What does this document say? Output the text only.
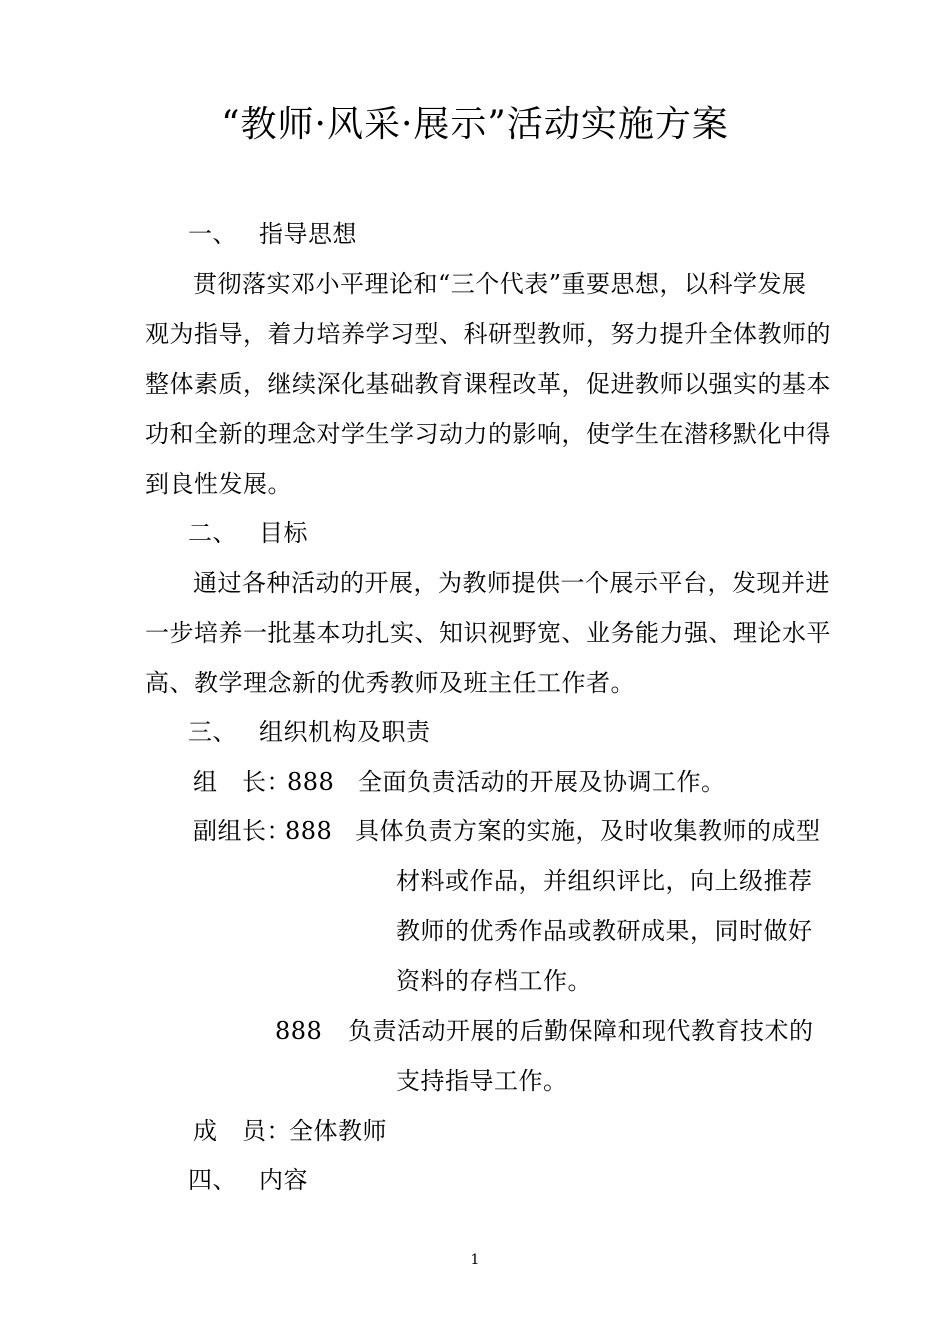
“教师·风采·展示”活动实施方案
一、 指导思想
贯彻落实邓小平理论和“三个代表”重要思想，以科学发展
观为指导，着力培养学习型、科研型教师，努力提升全体教师的
整体素质，继续深化基础教育课程改革，促进教师以强实的基本
功和全新的理念对学生学习动力的影响，使学生在潜移默化中得
到良性发展。
二、 目标
通过各种活动的开展，为教师提供一个展示平台，发现并进
一步培养一批基本功扎实、知识视野宽、业务能力强、理论水平
高、教学理念新的优秀教师及班主任工作者。
三、 组织机构及职责
组　长：
888 全面负责活动的开展及协调工作。
副组长：
888 具体负责方案的实施，及时收集教师的成型
材料或作品，并组织评比，向上级推荐
教师的优秀作品或教研成果，同时做好
资料的存档工作。
888 负责活动开展的后勤保障和现代教育技术的
支持指导工作。
成　员：
全体教师
四、 内容
1
